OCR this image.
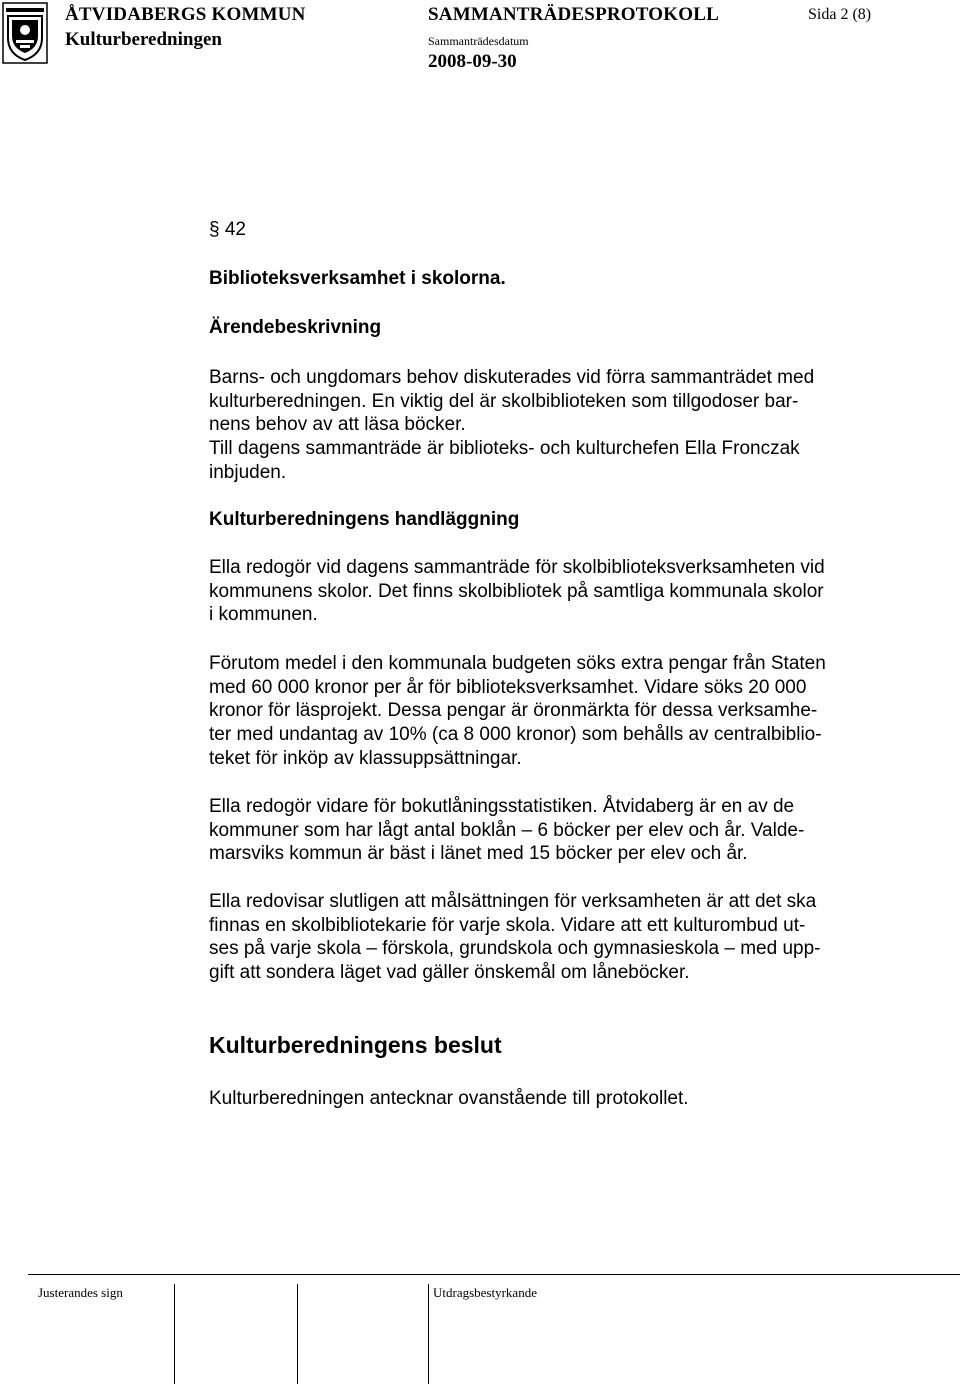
ÅTVIDABERGS KOMMUN	SAMMANTRÄDESPROTOKOLL	Sida 2 (8)
Kulturberedningen	Sammanträdesdatum
2008-09-30
§ 42
Biblioteksverksamhet i skolorna.
Ärendebeskrivning
Barns- och ungdomars behov diskuterades vid förra sammanträdet med
kulturberedningen. En viktig del är skolbiblioteken som tillgodoser bar-
nens behov av att läsa böcker.
Till dagens sammanträde är biblioteks- och kulturchefen Ella Fronczak
inbjuden.
Kulturberedningens handläggning
Ella redogör vid dagens sammanträde för skolbiblioteksverksamheten vid
kommunens skolor. Det finns skolbibliotek på samtliga kommunala skolor
i kommunen.
Förutom medel i den kommunala budgeten söks extra pengar från Staten
med 60 000 kronor per år för biblioteksverksamhet. Vidare söks 20 000
kronor för läsprojekt. Dessa pengar är öronmärkta för dessa verksamhe-
ter med undantag av 10% (ca 8 000 kronor) som behålls av centralbiblio-
teket för inköp av klassuppsättningar.
Ella redogör vidare för bokutlåningsstatistiken. Åtvidaberg är en av de
kommuner som har lågt antal boklån – 6 böcker per elev och år. Valde-
marsviks kommun är bäst i länet med 15 böcker per elev och år.
Ella redovisar slutligen att målsättningen för verksamheten är att det ska
finnas en skolbibliotekarie för varje skola. Vidare att ett kulturombud ut-
ses på varje skola – förskola, grundskola och gymnasieskola – med upp-
gift att sondera läget vad gäller önskemål om låneböcker.
Kulturberedningens beslut
Kulturberedningen antecknar ovanstående till protokollet.
Justerandes sign	Utdragsbestyrkande
